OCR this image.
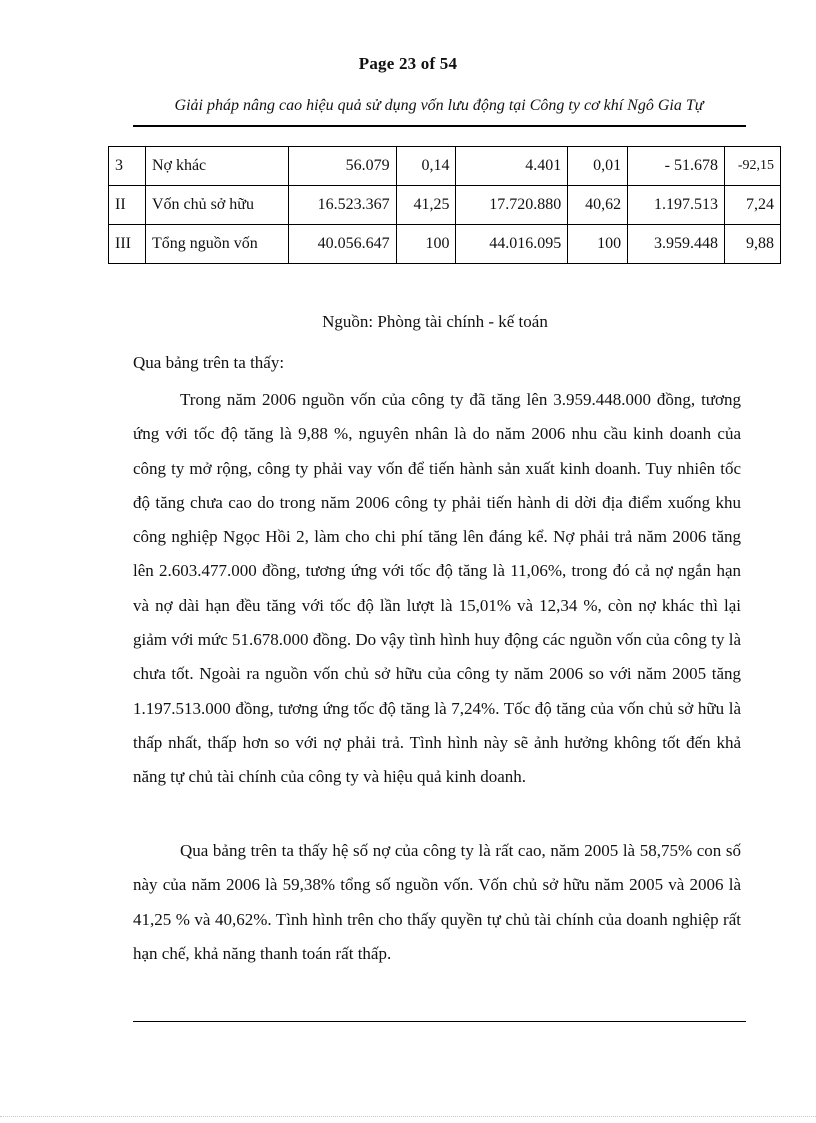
Page 23 of 54
Giải pháp nâng cao hiệu quả sử dụng vốn lưu động tại Công ty cơ khí Ngô Gia Tự
3	Nợ khác	56.079	0,14	4.401	0,01	- 51.678	-92,15
II	Vốn chủ sở hữu	16.523.367	41,25	17.720.880	40,62	1.197.513	7,24
III	Tổng nguồn vốn	40.056.647	100	44.016.095	100	3.959.448	9,88
Nguồn: Phòng tài chính - kế toán
Qua bảng trên ta thấy:

Trong năm 2006 nguồn vốn của công ty đã tăng lên 3.959.448.000 đồng, tương ứng với tốc độ tăng là 9,88 %, nguyên nhân là do năm 2006 nhu cầu kinh doanh của công ty mở rộng, công ty phải vay vốn để tiến hành sản xuất kinh doanh. Tuy nhiên tốc độ tăng chưa cao do trong năm 2006 công ty phải tiến hành di dời địa điểm xuống khu công nghiệp Ngọc Hồi 2, làm cho chi phí tăng lên đáng kể. Nợ phải trả năm 2006 tăng lên 2.603.477.000 đồng, tương ứng với tốc độ tăng là 11,06%, trong đó cả nợ ngắn hạn và nợ dài hạn đều tăng với tốc độ lần lượt là 15,01% và 12,34 %, còn nợ khác thì lại giảm với mức 51.678.000 đồng. Do vậy tình hình huy động các nguồn vốn của công ty là chưa tốt. Ngoài ra nguồn vốn chủ sở hữu của công ty năm 2006 so với năm 2005 tăng 1.197.513.000 đồng, tương ứng tốc độ tăng là 7,24%. Tốc độ tăng của vốn chủ sở hữu là thấp nhất, thấp hơn so với nợ phải trả. Tình hình này sẽ ảnh hưởng không tốt đến khả năng tự chủ tài chính của công ty và hiệu quả kinh doanh.

Qua bảng trên ta thấy hệ số nợ của công ty là rất cao, năm 2005 là 58,75% con số này của năm 2006 là 59,38% tổng số nguồn vốn. Vốn chủ sở hữu năm 2005 và 2006 là 41,25 % và 40,62%. Tình hình trên cho thấy quyền tự chủ tài chính của doanh nghiệp rất hạn chế, khả năng thanh toán rất thấp.
